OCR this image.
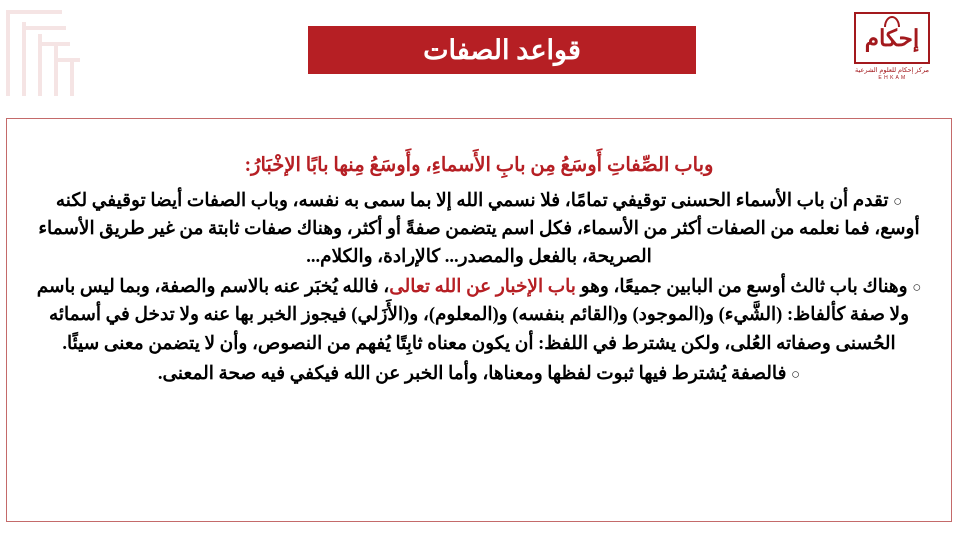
قواعد الصفات	إحكام
مركز إحكام للعلوم الشرعية
E H K A M
وباب الصِّفاتِ أَوسَعُ مِن بابِ الأَسماءِ، وأَوسَعُ مِنها بابًا الإخْبَارُ:

○ تقدم أن باب الأسماء الحسنى توقيفي تمامًا، فلا نسمي الله إلا بما سمى به نفسه، وباب الصفات أيضا توقيفي لكنه أوسع، فما نعلمه من الصفات أكثر من الأسماء، فكل اسم يتضمن صفةً أو أكثر، وهناك صفات ثابتة من غير طريق الأسماء الصريحة، بالفعل والمصدر... كالإرادة، والكلام...

○ وهناك باب ثالث أوسع من البابين جميعًا، وهو باب الإخبار عن الله تعالى، فالله يُخبَر عنه بالاسم والصفة، وبما ليس باسم ولا صفة كألفاظ: (الشَّيء) و(الموجود) و(القائم بنفسه) و(المعلوم)، و(الأَزَلي) فيجوز الخبر بها عنه ولا تدخل في أسمائه الحُسنى وصفاته العُلى، ولكن يشترط في اللفظ: أن يكون معناه ثابِتًا يُفهم من النصوص، وأن لا يتضمن معنى سيئًا.

○ فالصفة يُشترط فيها ثبوت لفظها ومعناها، وأما الخبر عن الله فيكفي فيه صحة المعنى.
